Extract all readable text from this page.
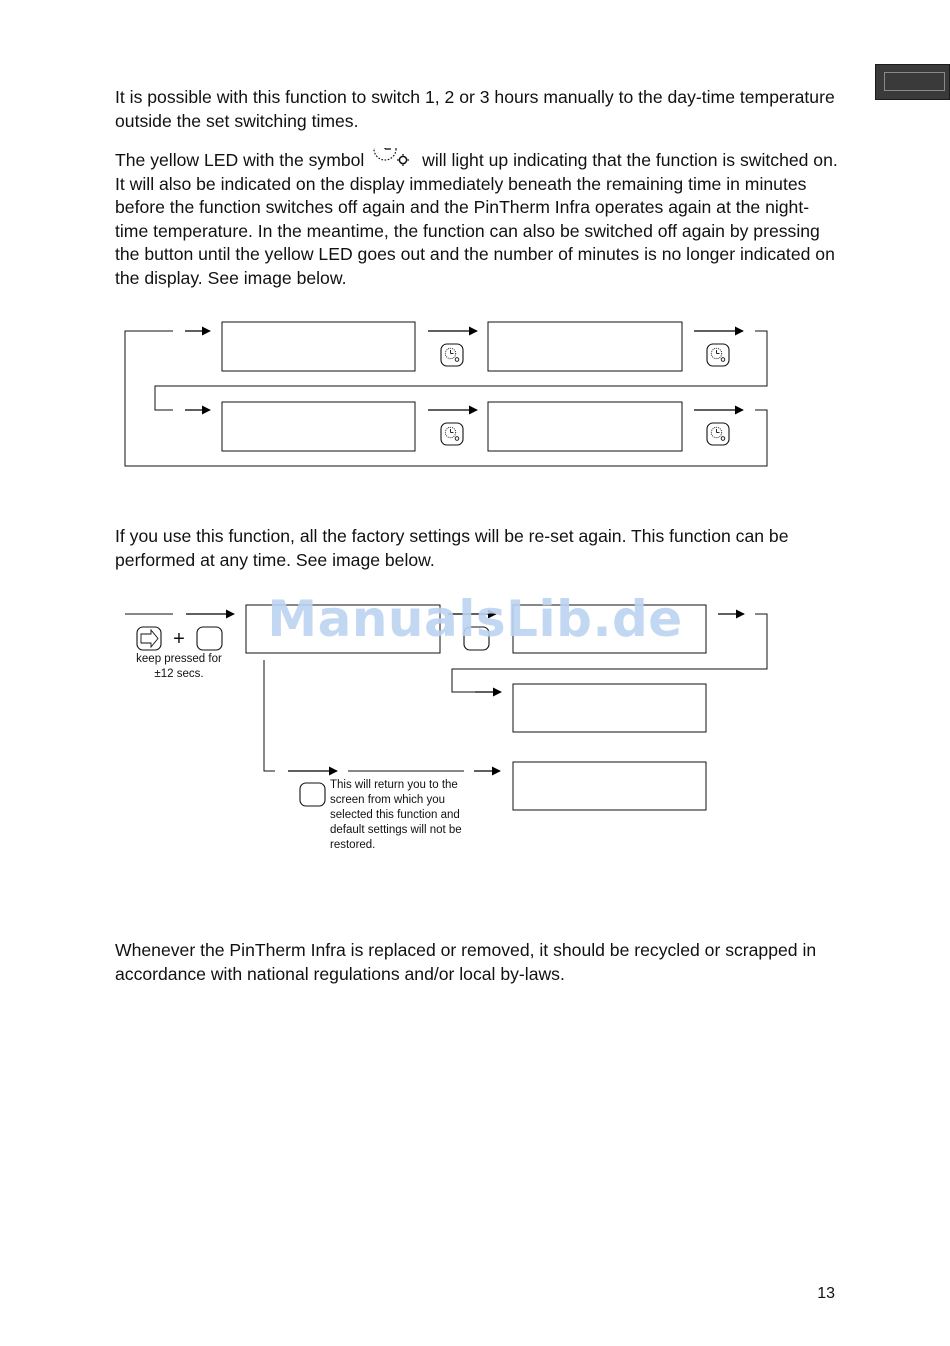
It is possible with this function to switch 1, 2 or 3 hours manually to the day-time temperature outside the set switching times.

The yellow LED with the symbol	will light up indicating that the function is switched on. It will also be indicated on the display immediately beneath the remaining time in minutes before the function switches off again and the PinTherm Infra operates again at the night-time temperature. In the meantime, the function can also be switched off again by pressing the button until the yellow LED goes out and the number of minutes is no longer indicated on the display. See image below.

If you use this function, all the factory settings will be re-set again. This function can be performed at any time. See image below.

+

keep pressed for ±12 secs.

This will return you to the screen from which you selected this function and default settings will not be restored.

ManualsLib.de

Whenever the PinTherm Infra is replaced or removed, it should be recycled or scrapped in accordance with national regulations and/or local by-laws.

13
